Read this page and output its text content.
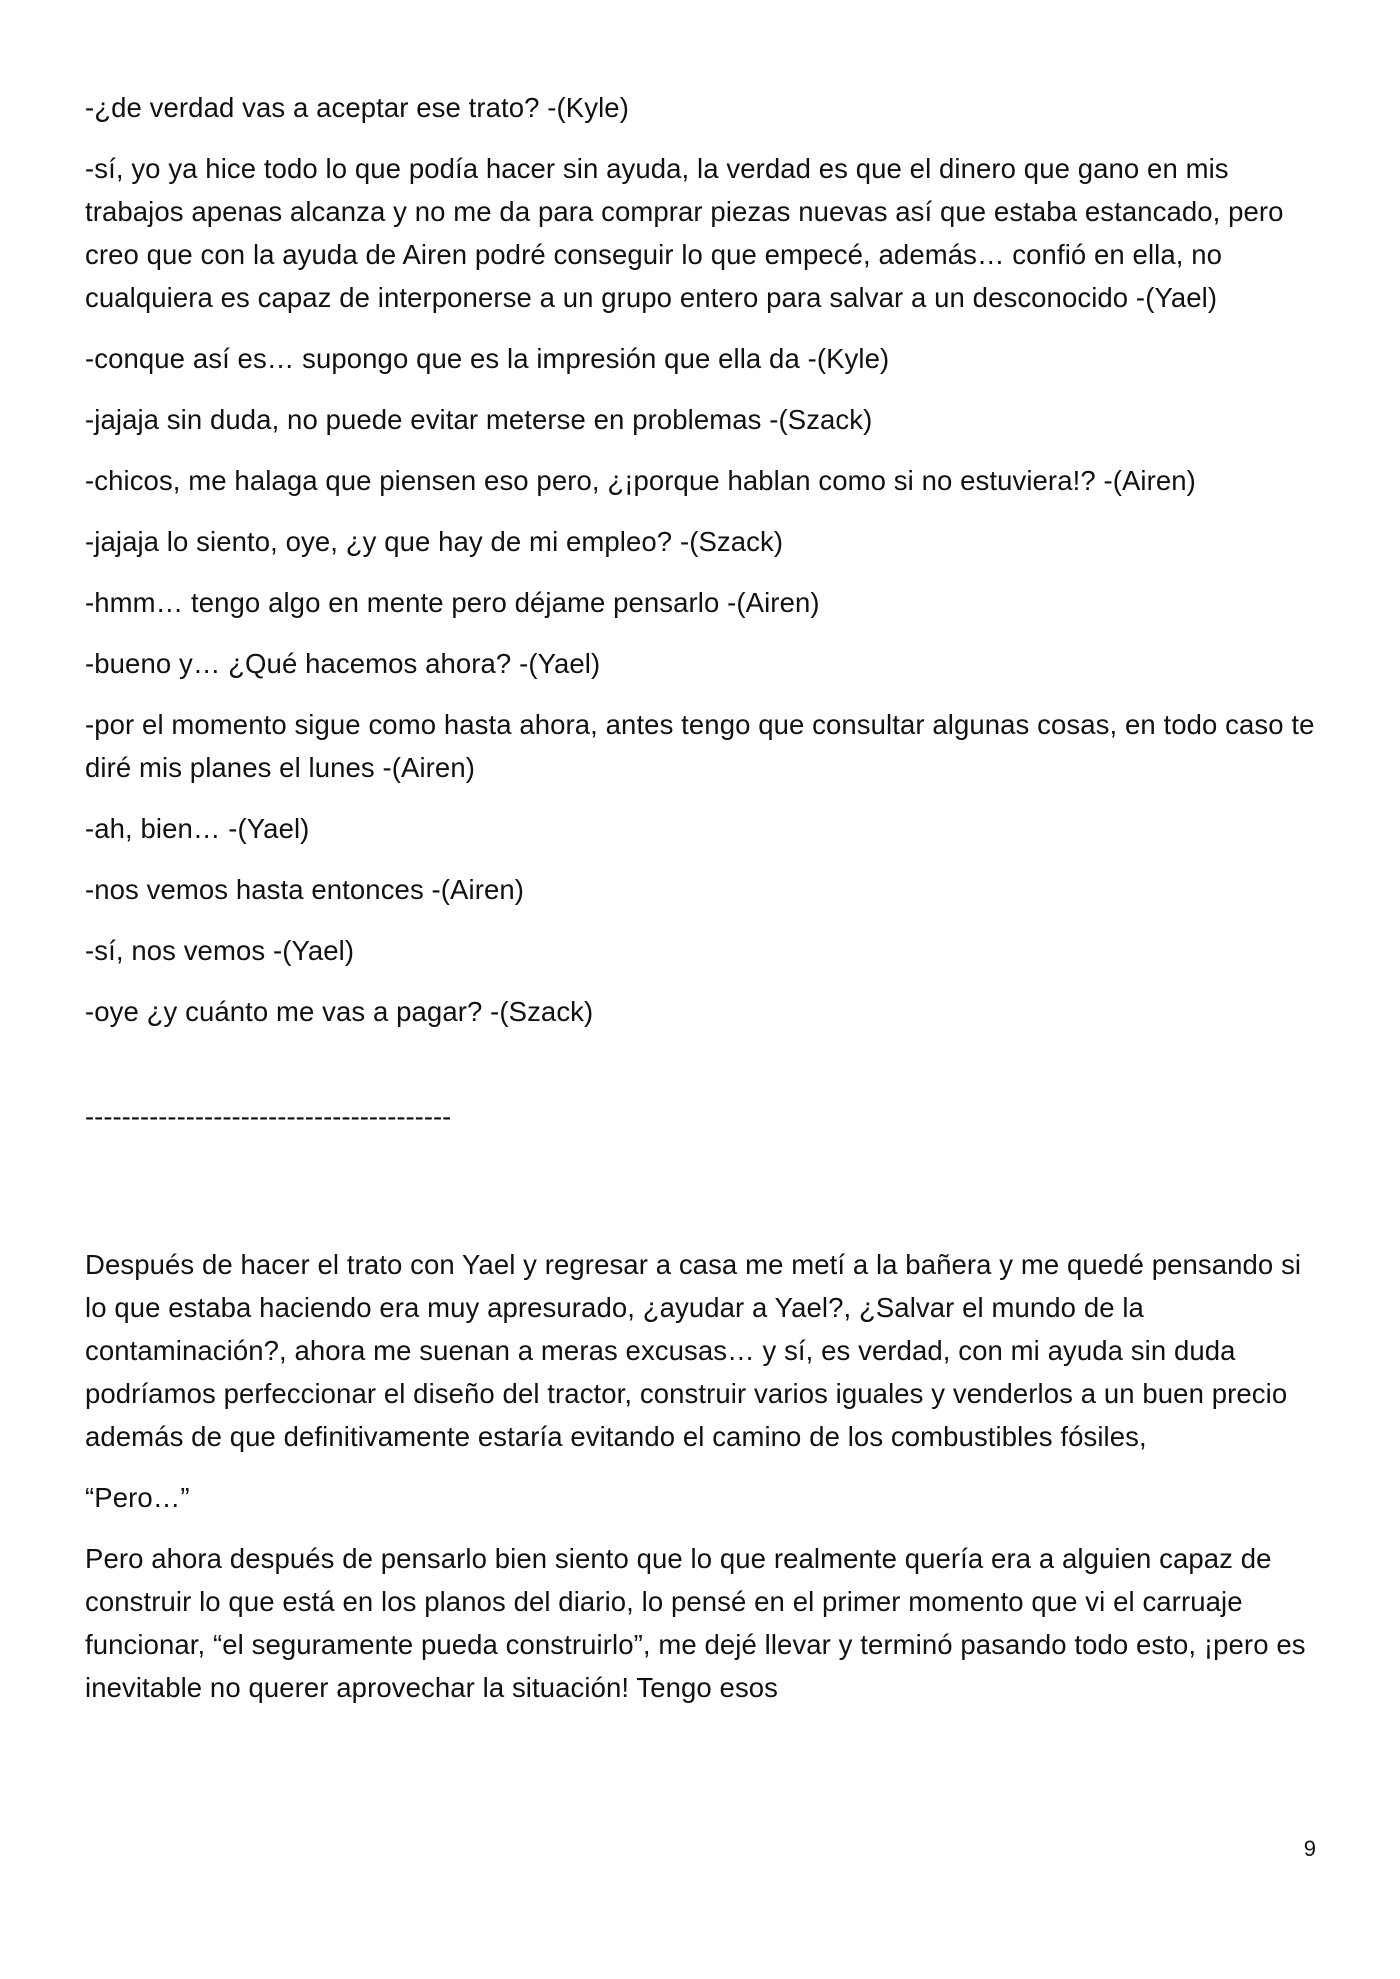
-¿de verdad vas a aceptar ese trato? -(Kyle)

-sí, yo ya hice todo lo que podía hacer sin ayuda, la verdad es que el dinero que gano en mis trabajos apenas alcanza y no me da para comprar piezas nuevas así que estaba estancado, pero creo que con la ayuda de Airen podré conseguir lo que empecé, además… confió en ella, no cualquiera es capaz de interponerse a un grupo entero para salvar a un desconocido -(Yael)

-conque así es… supongo que es la impresión que ella da -(Kyle)

-jajaja sin duda, no puede evitar meterse en problemas -(Szack)

-chicos, me halaga que piensen eso pero, ¿¡porque hablan como si no estuviera!? -(Airen)

-jajaja lo siento, oye, ¿y que hay de mi empleo? -(Szack)

-hmm… tengo algo en mente pero déjame pensarlo -(Airen)

-bueno y… ¿Qué hacemos ahora? -(Yael)

-por el momento sigue como hasta ahora, antes tengo que consultar algunas cosas, en todo caso te diré mis planes el lunes -(Airen)

-ah, bien… -(Yael)

-nos vemos hasta entonces -(Airen)

-sí, nos vemos -(Yael)

-oye ¿y cuánto me vas a pagar? -(Szack)

----------------------------------------

Después de hacer el trato con Yael y regresar a casa me metí a la bañera y me quedé pensando si lo que estaba haciendo era muy apresurado, ¿ayudar a Yael?, ¿Salvar el mundo de la contaminación?, ahora me suenan a meras excusas… y sí, es verdad, con mi ayuda sin duda podríamos perfeccionar el diseño del tractor, construir varios iguales y venderlos a un buen precio además de que definitivamente estaría evitando el camino de los combustibles fósiles,

“Pero…”

Pero ahora después de pensarlo bien siento que lo que realmente quería era a alguien capaz de construir lo que está en los planos del diario, lo pensé en el primer momento que vi el carruaje funcionar, “el seguramente pueda construirlo”, me dejé llevar y terminó pasando todo esto, ¡pero es inevitable no querer aprovechar la situación! Tengo esos

9
